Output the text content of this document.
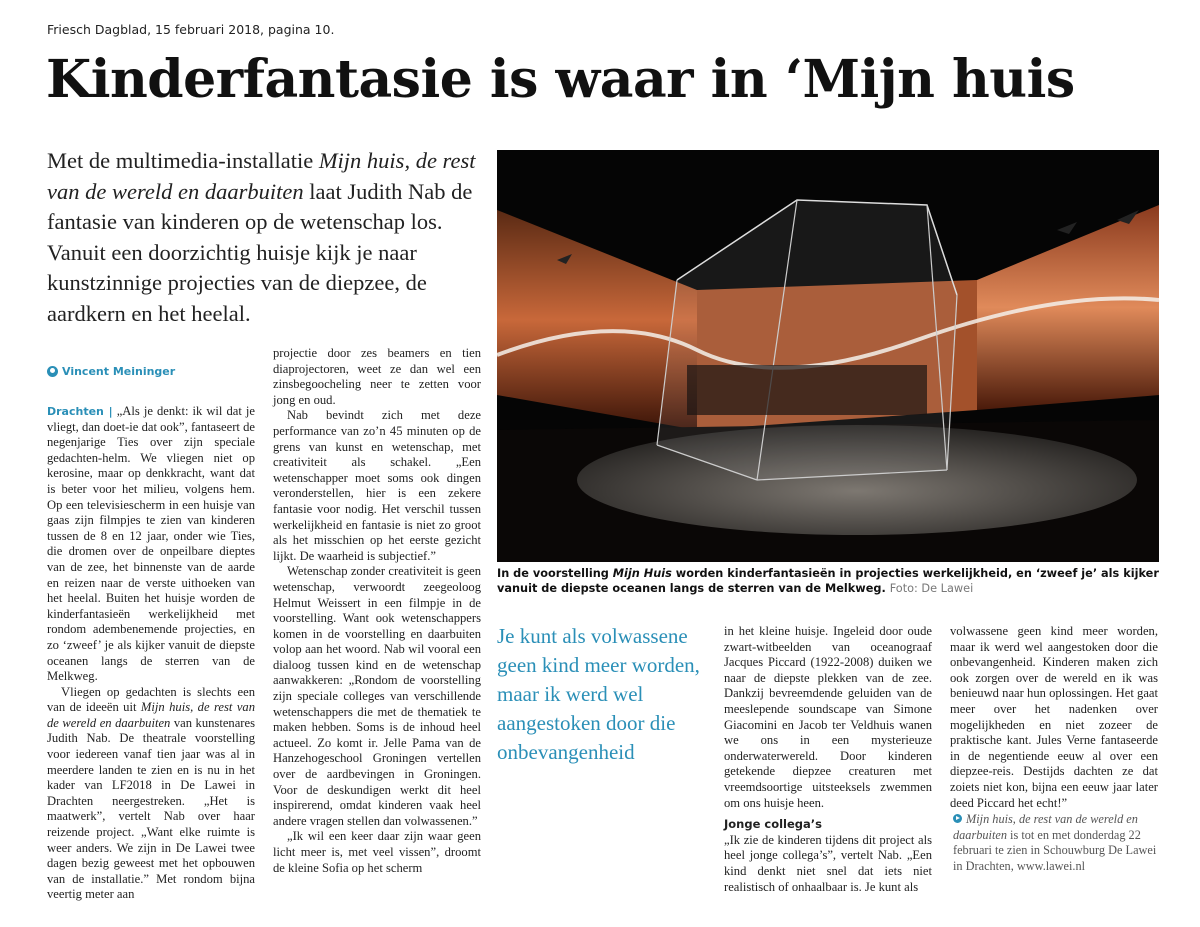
Friesch Dagblad, 15 februari 2018, pagina 10.
Kinderfantasie is waar in ‘Mijn huis
Met de multimedia-installatie Mijn huis, de rest van de wereld en daarbuiten laat Judith Nab de fantasie van kinderen op de wetenschap los. Vanuit een doorzichtig huisje kijk je naar kunstzinnige projecties van de diepzee, de aardkern en het heelal.
In de voorstelling Mijn Huis worden kinderfantasieën in projecties werkelijkheid, en ‘zweef je’ als kijker vanuit de diepste oceanen langs de sterren van de Melkweg. Foto: De Lawei
Vincent Meininger

Drachten | „Als je denkt: ik wil dat je vliegt, dan doet-ie dat ook”, fantaseert de negenjarige Ties over zijn speciale gedachten-helm. We vliegen niet op kerosine, maar op denkkracht, want dat is beter voor het milieu, volgens hem. Op een televisiescherm in een huisje van gaas zijn filmpjes te zien van kinderen tussen de 8 en 12 jaar, onder wie Ties, die dromen over de onpeilbare dieptes van de zee, het binnenste van de aarde en reizen naar de verste uithoeken van het heelal. Buiten het huisje worden de kinderfantasieën werkelijkheid met rondom adembenemende projecties, en zo ‘zweef’ je als kijker vanuit de diepste oceanen langs de sterren van de Melkweg.

Vliegen op gedachten is slechts een van de ideeën uit Mijn huis, de rest van de wereld en daarbuiten van kunstenares Judith Nab. De theatrale voorstelling voor iedereen vanaf tien jaar was al in meerdere landen te zien en is nu in het kader van LF2018 in De Lawei in Drachten neergestreken. „Het is maatwerk”, vertelt Nab over haar reizende project. „Want elke ruimte is weer anders. We zijn in De Lawei twee dagen bezig geweest met het opbouwen van de installatie.” Met rondom bijna veertig meter aan

projectie door zes beamers en tien diaprojectoren, weet ze dan wel een zinsbegoocheling neer te zetten voor jong en oud.

Nab bevindt zich met deze performance van zo’n 45 minuten op de grens van kunst en wetenschap, met creativiteit als schakel. „Een wetenschapper moet soms ook dingen veronderstellen, hier is een zekere fantasie voor nodig. Het verschil tussen werkelijkheid en fantasie is niet zo groot als het misschien op het eerste gezicht lijkt. De waarheid is subjectief.”

Wetenschap zonder creativiteit is geen wetenschap, verwoordt zeegeoloog Helmut Weissert in een filmpje in de voorstelling. Want ook wetenschappers komen in de voorstelling en daarbuiten volop aan het woord. Nab wil vooral een dialoog tussen kind en de wetenschap aanwakkeren: „Rondom de voorstelling zijn speciale colleges van verschillende wetenschappers die met de thematiek te maken hebben. Soms is de inhoud heel actueel. Zo komt ir. Jelle Pama van de Hanzehogeschool Groningen vertellen over de aardbevingen in Groningen. Voor de deskundigen werkt dit heel inspirerend, omdat kinderen vaak heel andere vragen stellen dan volwassenen.”

„Ik wil een keer daar zijn waar geen licht meer is, met veel vissen”, droomt de kleine Sofia op het scherm

Je kunt als volwassene geen kind meer worden, maar ik werd wel aangestoken door die onbevangenheid

in het kleine huisje. Ingeleid door oude zwart-witbeelden van oceanograaf Jacques Piccard (1922-2008) duiken we naar de diepste plekken van de zee. Dankzij bevreemdende geluiden van de meeslepende soundscape van Simone Giacomini en Jacob ter Veldhuis wanen we ons in een mysterieuze onderwaterwereld. Door kinderen getekende diepzee creaturen met vreemdsoortige uitsteeksels zwemmen om ons huisje heen.

Jonge collega’s

„Ik zie de kinderen tijdens dit project als heel jonge collega’s”, vertelt Nab. „Een kind denkt niet snel dat iets niet realistisch of onhaalbaar is. Je kunt als

volwassene geen kind meer worden, maar ik werd wel aangestoken door die onbevangenheid. Kinderen maken zich ook zorgen over de wereld en ik was benieuwd naar hun oplossingen. Het gaat meer over het nadenken over mogelijkheden en niet zozeer de praktische kant. Jules Verne fantaseerde in de negentiende eeuw al over een diepzee-reis. Destijds dachten ze dat zoiets niet kon, bijna een eeuw jaar later deed Piccard het echt!”

Mijn huis, de rest van de wereld en daarbuiten is tot en met donderdag 22 februari te zien in Schouwburg De Lawei in Drachten, www.lawei.nl
